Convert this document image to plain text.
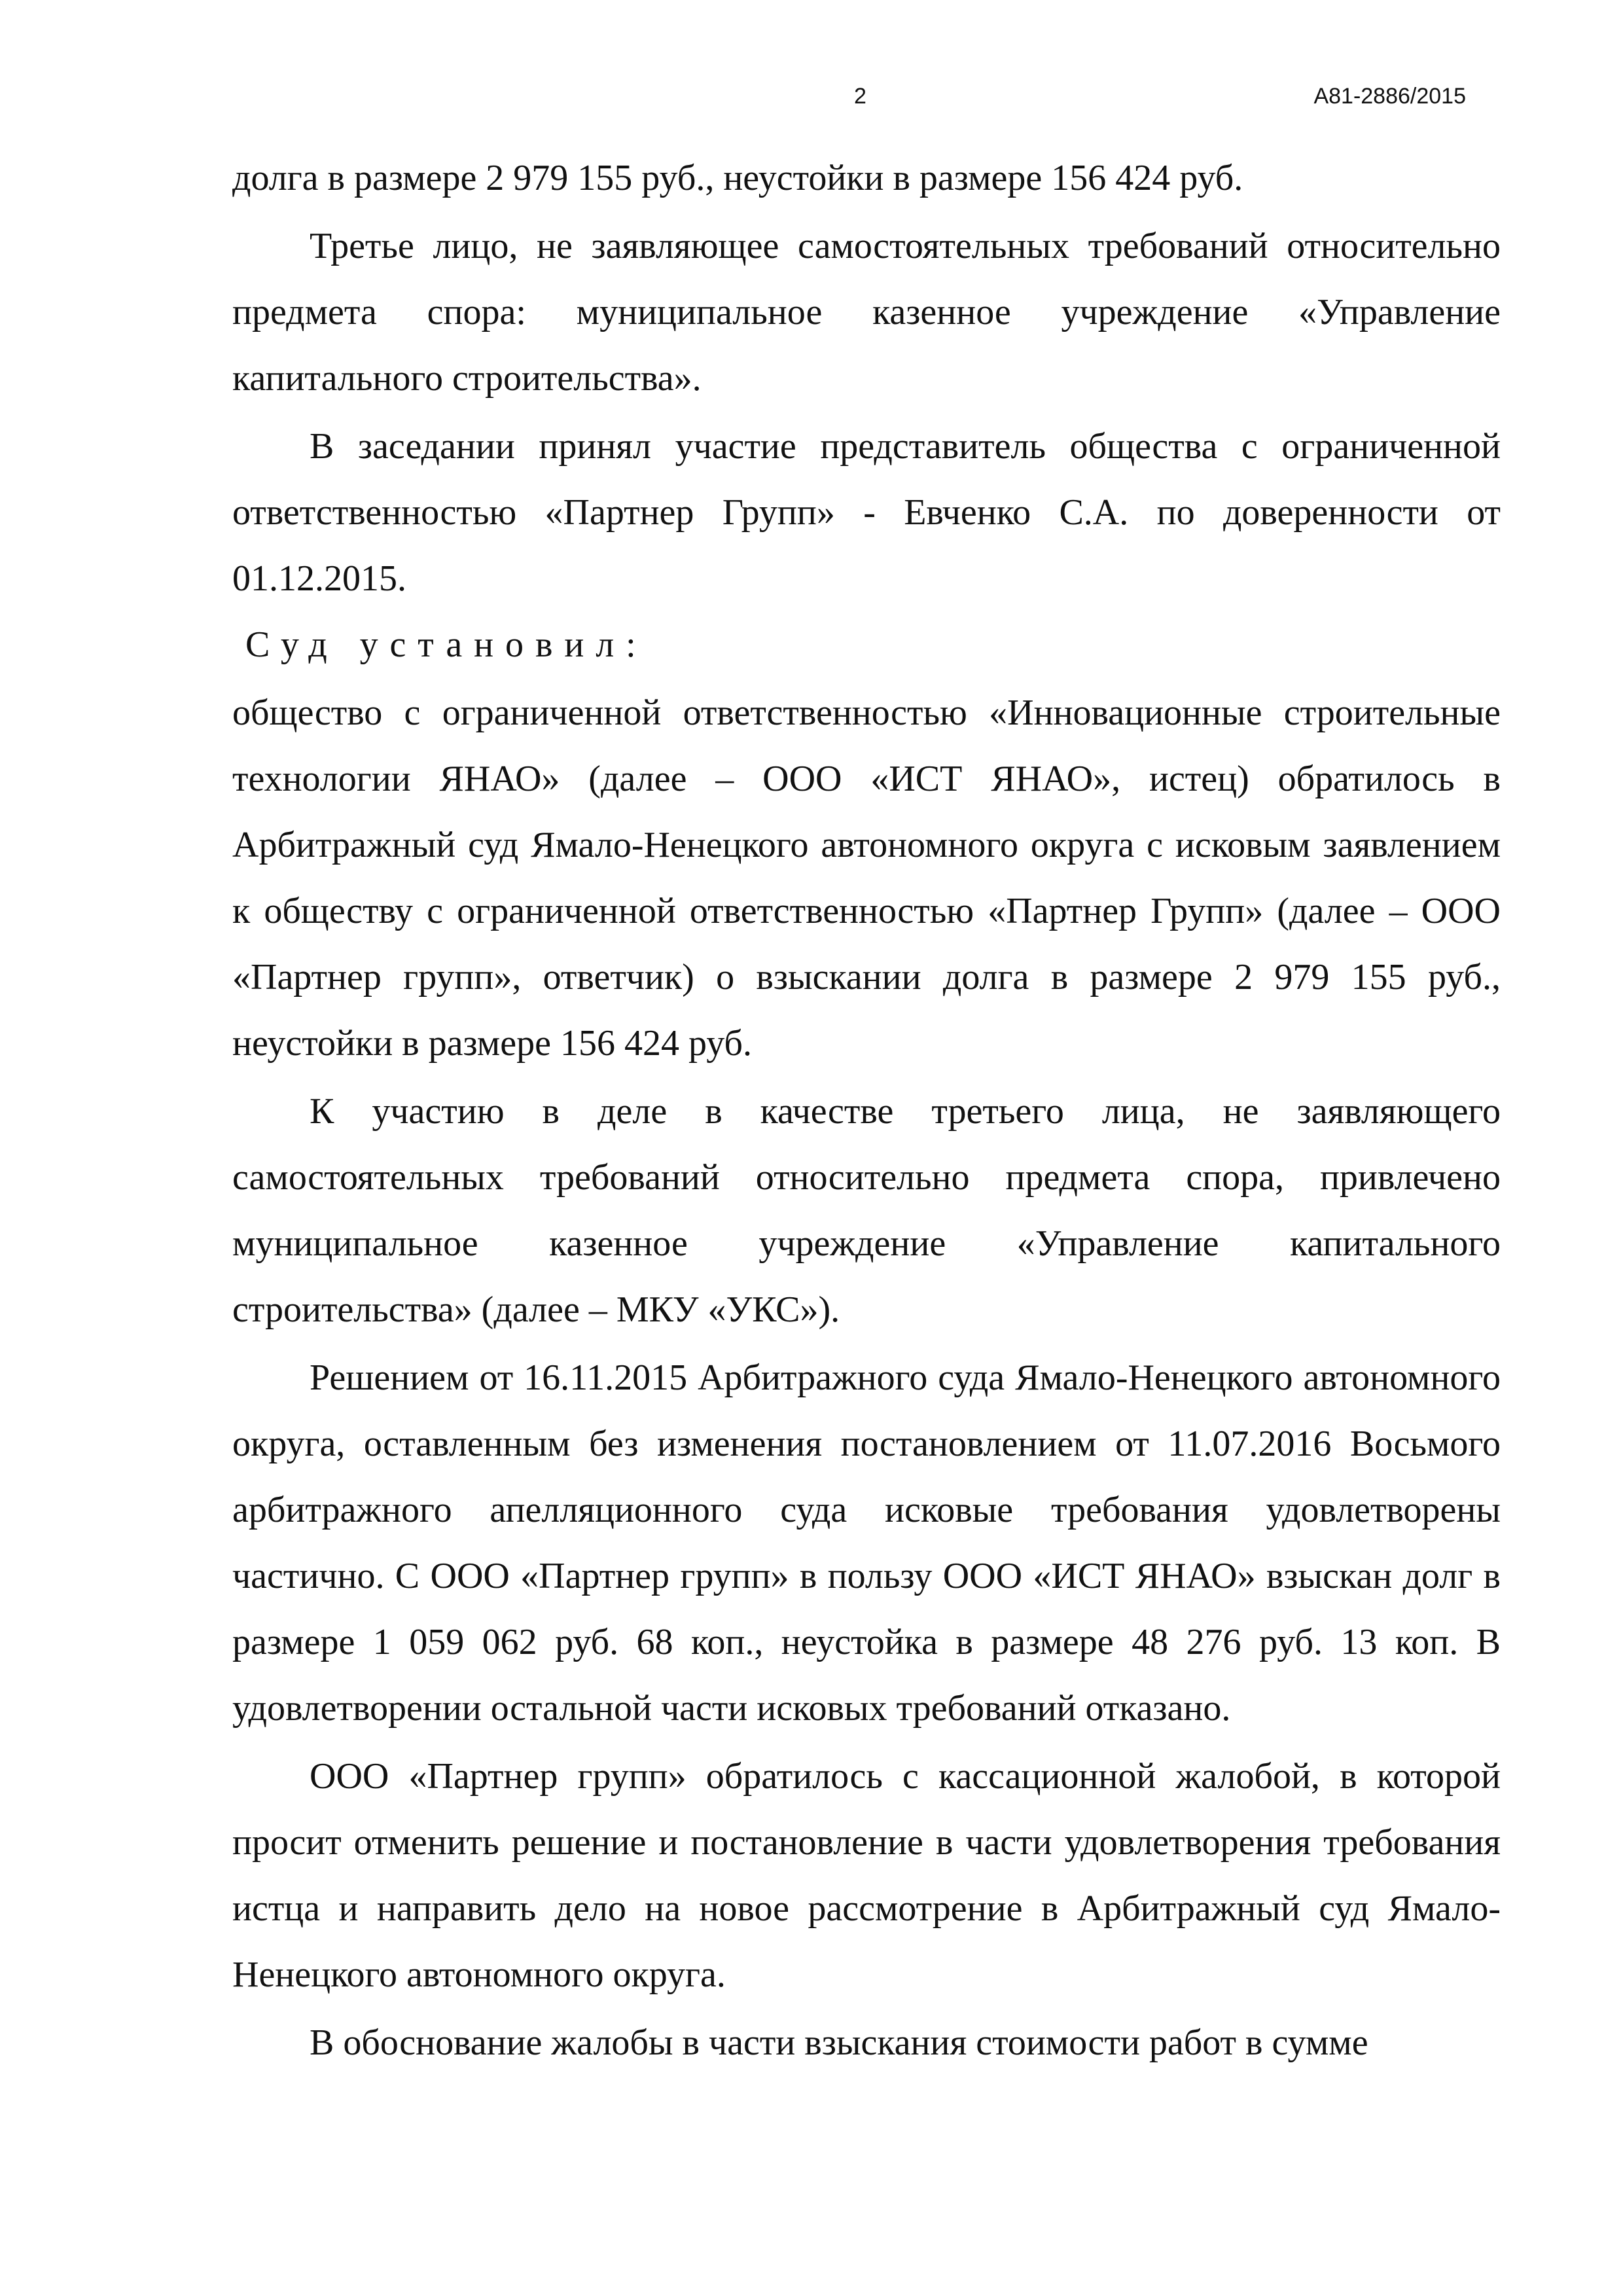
2	А81-2886/2015

долга в размере 2 979 155 руб., неустойки в размере 156 424 руб.

Третье лицо, не заявляющее самостоятельных требований относительно предмета спора: муниципальное казенное учреждение «Управление капитального строительства».

В заседании принял участие представитель общества с ограниченной ответственностью «Партнер Групп» - Евченко С.А. по доверенности от 01.12.2015.

Суд установил:

общество с ограниченной ответственностью «Инновационные строительные технологии ЯНАО» (далее – ООО «ИСТ ЯНАО», истец) обратилось в Арбитражный суд Ямало-Ненецкого автономного округа с исковым заявлением к обществу с ограниченной ответственностью «Партнер Групп» (далее – ООО «Партнер групп», ответчик) о взыскании долга в размере 2 979 155 руб., неустойки в размере 156 424 руб.

К участию в деле в качестве третьего лица, не заявляющего самостоятельных требований относительно предмета спора, привлечено муниципальное казенное учреждение «Управление капитального строительства» (далее – МКУ «УКС»).

Решением от 16.11.2015 Арбитражного суда Ямало-Ненецкого автономного округа, оставленным без изменения постановлением от 11.07.2016 Восьмого арбитражного апелляционного суда исковые требования удовлетворены частично. С ООО «Партнер групп» в пользу ООО «ИСТ ЯНАО» взыскан долг в размере 1 059 062 руб. 68 коп., неустойка в размере 48 276 руб. 13 коп. В удовлетворении остальной части исковых требований отказано.

ООО «Партнер групп» обратилось с кассационной жалобой, в которой просит отменить решение и постановление в части удовлетворения требования истца и направить дело на новое рассмотрение в Арбитражный суд Ямало-Ненецкого автономного округа.

В обоснование жалобы в части взыскания стоимости работ в сумме
